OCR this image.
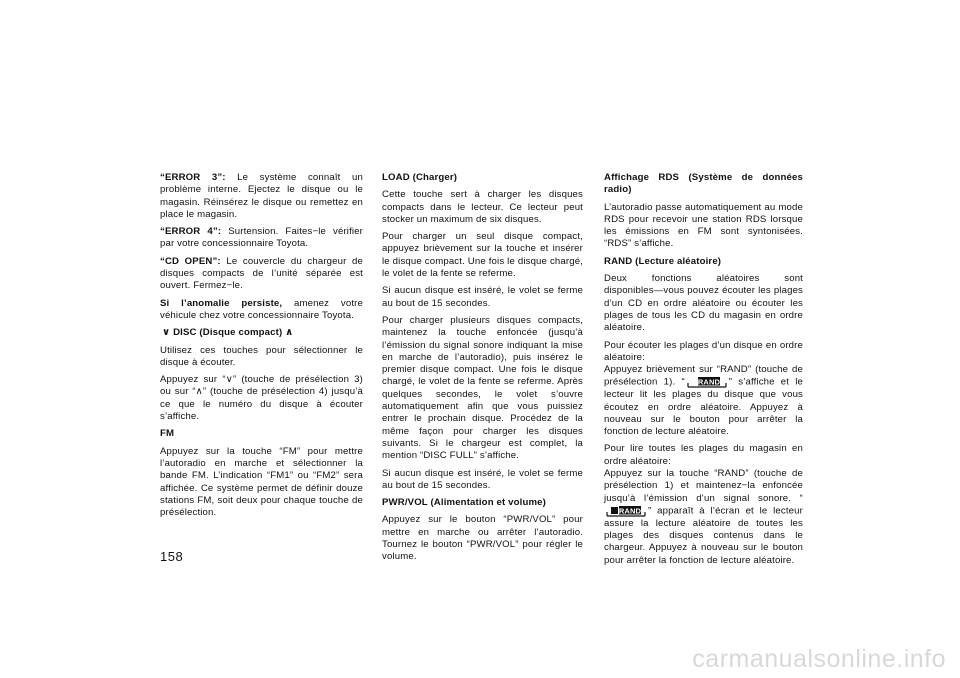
“ERROR 3”: Le système connaît un problème interne. Ejectez le disque ou le magasin. Réinsérez le disque ou remettez en place le magasin.

“ERROR 4”: Surtension. Faites−le vérifier par votre concessionnaire Toyota.

“CD OPEN”: Le couvercle du chargeur de disques compacts de l’unité séparée est ouvert. Fermez−le.

Si l’anomalie persiste, amenez votre véhicule chez votre concessionnaire Toyota.

∨ DISC (Disque compact) ∧

Utilisez ces touches pour sélectionner le disque à écouter.

Appuyez sur “∨” (touche de présélection 3) ou sur “∧” (touche de présélection 4) jusqu’à ce que le numéro du disque à écouter s’affiche.

FM

Appuyez sur la touche “FM” pour mettre l’autoradio en marche et sélectionner la bande FM. L’indication “FM1” ou “FM2” sera affichée. Ce système permet de définir douze stations FM, soit deux pour chaque touche de présélection.

LOAD (Charger)

Cette touche sert à charger les disques compacts dans le lecteur. Ce lecteur peut stocker un maximum de six disques.

Pour charger un seul disque compact, appuyez brièvement sur la touche et insérer le disque compact. Une fois le disque chargé, le volet de la fente se referme.

Si aucun disque est inséré, le volet se ferme au bout de 15 secondes.

Pour charger plusieurs disques compacts, maintenez la touche enfoncée (jusqu’à l’émission du signal sonore indiquant la mise en marche de l’autoradio), puis insérez le premier disque compact. Une fois le disque chargé, le volet de la fente se referme. Après quelques secondes, le volet s’ouvre automatiquement afin que vous puissiez entrer le prochain disque. Procédez de la même façon pour charger les disques suivants. Si le chargeur est complet, la mention “DISC FULL” s’affiche.

Si aucun disque est inséré, le volet se ferme au bout de 15 secondes.

PWR/VOL (Alimentation et volume)

Appuyez sur le bouton “PWR/VOL” pour mettre en marche ou arrêter l’autoradio. Tournez le bouton “PWR/VOL” pour régler le volume.

Affichage RDS (Système de données radio)

L’autoradio passe automatiquement au mode RDS pour recevoir une station RDS lorsque les émissions en FM sont syntonisées. “RDS” s’affiche.

RAND (Lecture aléatoire)

Deux fonctions aléatoires sont disponibles―vous pouvez écouter les plages d’un CD en ordre aléatoire ou écouter les plages de tous les CD du magasin en ordre aléatoire.

Pour écouter les plages d’un disque en ordre aléatoire:
Appuyez brièvement sur “RAND” (touche de présélection 1). “ RAND ” s’affiche et le lecteur lit les plages du disque que vous écoutez en ordre aléatoire. Appuyez à nouveau sur le bouton pour arrêter la fonction de lecture aléatoire.

Pour lire toutes les plages du magasin en ordre aléatoire:
Appuyez sur la touche “RAND” (touche de présélection 1) et maintenez−la enfoncée jusqu’à l’émission d’un signal sonore. “
RAND ” apparaît à l’écran et le lecteur assure la lecture aléatoire de toutes les plages des disques contenus dans le chargeur. Appuyez à nouveau sur le bouton pour arrêter la fonction de lecture aléatoire.

158
carmanualsonline.info
